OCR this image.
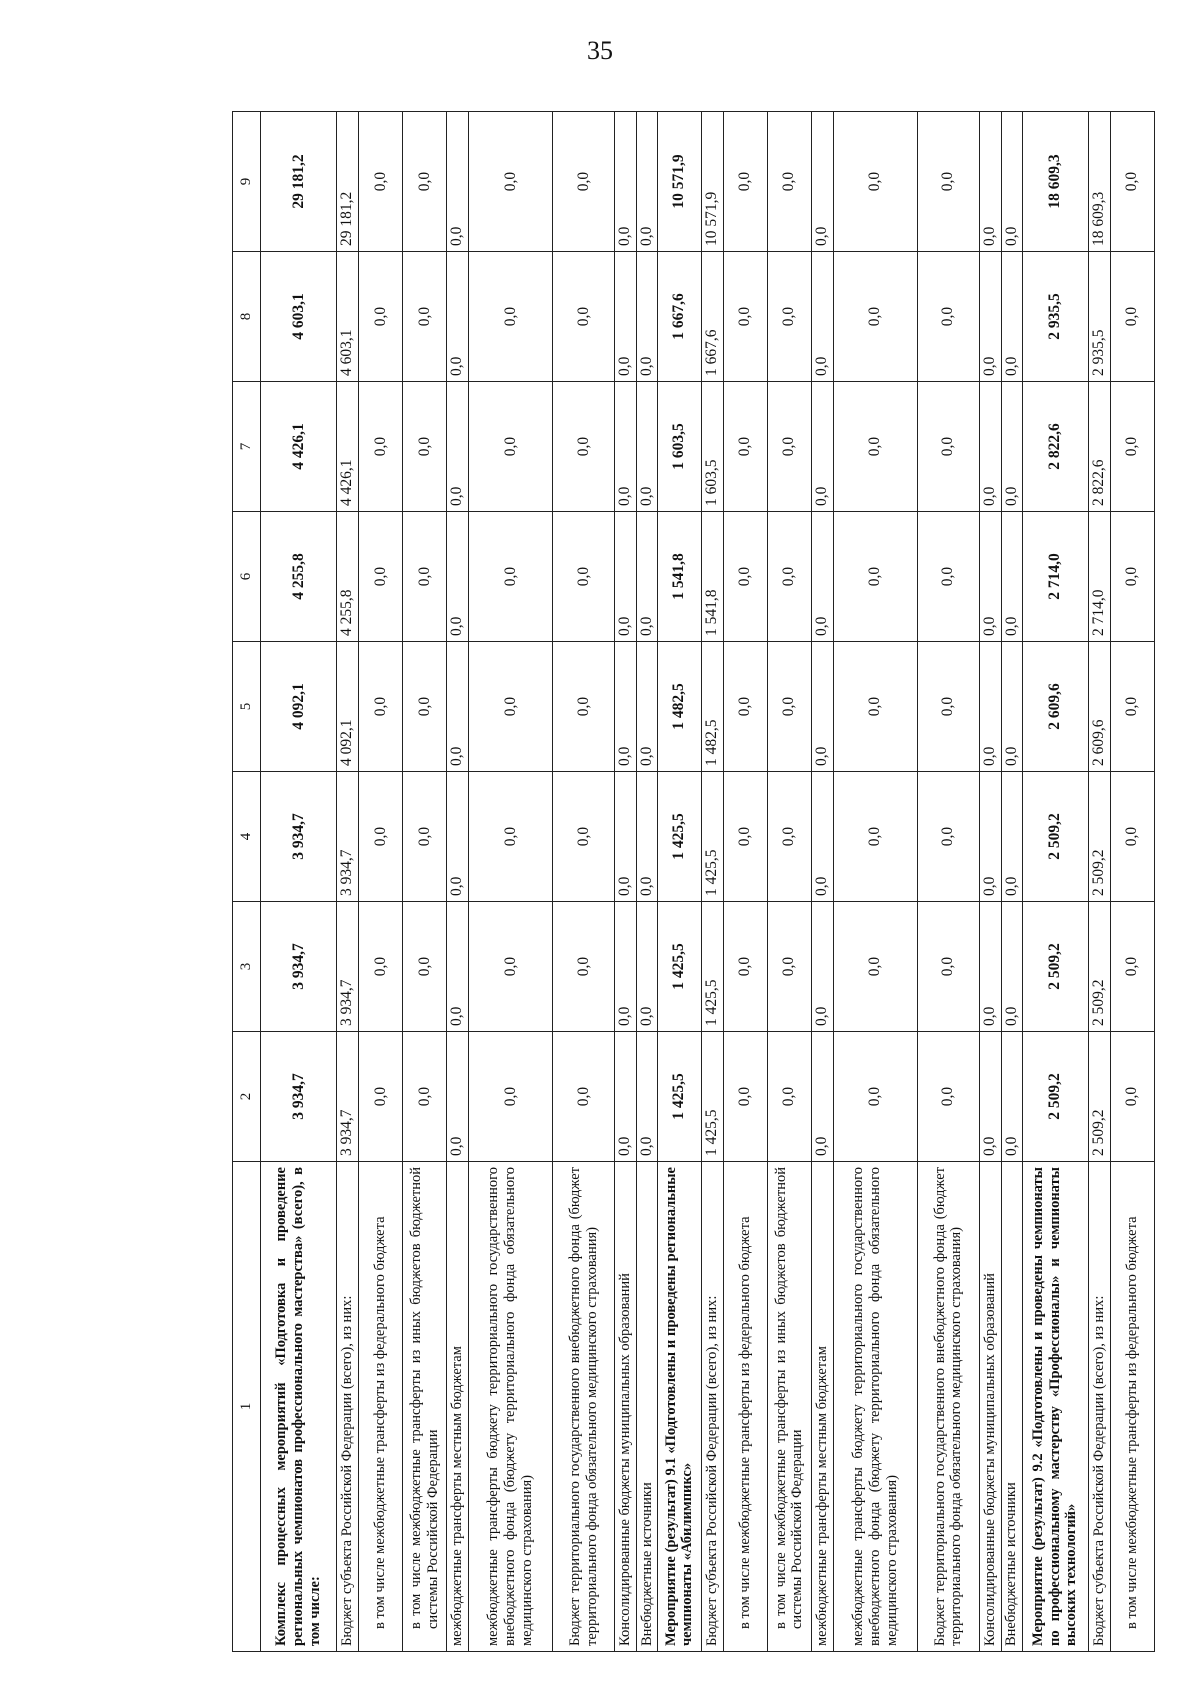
35
1	2	3	4	5	6	7	8	9
Комплекс процессных мероприятий «Подготовка и проведение региональных чемпионатов профессионального мастерства» (всего), в том числе:	3 934,7	3 934,7	3 934,7	4 092,1	4 255,8	4 426,1	4 603,1	29 181,2
Бюджет субъекта Российской Федерации (всего), из них:	3 934,7	3 934,7	3 934,7	4 092,1	4 255,8	4 426,1	4 603,1	29 181,2
в том числе межбюджетные трансферты из федерального бюджета	0,0	0,0	0,0	0,0	0,0	0,0	0,0	0,0
в том числе межбюджетные трансферты из иных бюджетов бюджетной системы Российской Федерации	0,0	0,0	0,0	0,0	0,0	0,0	0,0	0,0
межбюджетные трансферты местным бюджетам	0,0	0,0	0,0	0,0	0,0	0,0	0,0	0,0
межбюджетные трансферты бюджету территориального государственного внебюджетного фонда (бюджету территориального фонда обязательного медицинского страхования)	0,0	0,0	0,0	0,0	0,0	0,0	0,0	0,0
Бюджет территориального государственного внебюджетного фонда (бюджет территориального фонда обязательного медицинского страхования)	0,0	0,0	0,0	0,0	0,0	0,0	0,0	0,0
Консолидированные бюджеты муниципальных образований	0,0	0,0	0,0	0,0	0,0	0,0	0,0	0,0
Внебюджетные источники	0,0	0,0	0,0	0,0	0,0	0,0	0,0	0,0
Мероприятие (результат) 9.1 «Подготовлены и проведены региональные чемпионаты «Абилимпикс»	1 425,5	1 425,5	1 425,5	1 482,5	1 541,8	1 603,5	1 667,6	10 571,9
Бюджет субъекта Российской Федерации (всего), из них:	1 425,5	1 425,5	1 425,5	1 482,5	1 541,8	1 603,5	1 667,6	10 571,9
в том числе межбюджетные трансферты из федерального бюджета	0,0	0,0	0,0	0,0	0,0	0,0	0,0	0,0
в том числе межбюджетные трансферты из иных бюджетов бюджетной системы Российской Федерации	0,0	0,0	0,0	0,0	0,0	0,0	0,0	0,0
межбюджетные трансферты местным бюджетам	0,0	0,0	0,0	0,0	0,0	0,0	0,0	0,0
межбюджетные трансферты бюджету территориального государственного внебюджетного фонда (бюджету территориального фонда обязательного медицинского страхования)	0,0	0,0	0,0	0,0	0,0	0,0	0,0	0,0
Бюджет территориального государственного внебюджетного фонда (бюджет территориального фонда обязательного медицинского страхования)	0,0	0,0	0,0	0,0	0,0	0,0	0,0	0,0
Консолидированные бюджеты муниципальных образований	0,0	0,0	0,0	0,0	0,0	0,0	0,0	0,0
Внебюджетные источники	0,0	0,0	0,0	0,0	0,0	0,0	0,0	0,0
Мероприятие (результат) 9.2 «Подготовлены и проведены чемпионаты по профессиональному мастерству «Профессионалы» и чемпионаты высоких технологий»	2 509,2	2 509,2	2 509,2	2 609,6	2 714,0	2 822,6	2 935,5	18 609,3
Бюджет субъекта Российской Федерации (всего), из них:	2 509,2	2 509,2	2 509,2	2 609,6	2 714,0	2 822,6	2 935,5	18 609,3
в том числе межбюджетные трансферты из федерального бюджета	0,0	0,0	0,0	0,0	0,0	0,0	0,0	0,0
